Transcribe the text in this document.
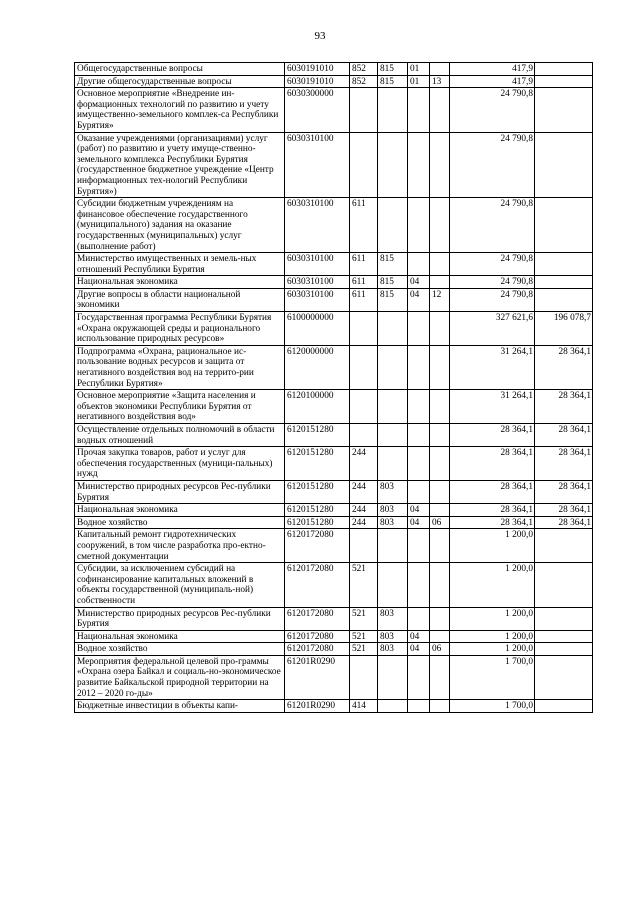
93
Общегосударственные вопросы	6030191010	852	815	01		417,9	
Другие общегосударственные вопросы	6030191010	852	815	01	13	417,9	
Основное мероприятие «Внедрение ин-формационных технологий по развитию и учету имущественно-земельного комплек-са Республики Бурятия»	6030300000					24 790,8	
Оказание учреждениями (организациями) услуг (работ) по развитию и учету имуще-ственно-земельного комплекса Республики Бурятия (государственное бюджетное учреждение «Центр информационных тех-нологий Республики Бурятия»)	6030310100					24 790,8	
Субсидии бюджетным учреждениям на финансовое обеспечение государственного (муниципального) задания на оказание государственных (муниципальных) услуг (выполнение работ)	6030310100	611				24 790,8	
Министерство имущественных и земель-ных отношений Республики Бурятия	6030310100	611	815			24 790,8	
Национальная экономика	6030310100	611	815	04		24 790,8	
Другие вопросы в области национальной экономики	6030310100	611	815	04	12	24 790,8	
Государственная программа Республики Бурятия «Охрана окружающей среды и рационального использование природных ресурсов»	6100000000					327 621,6	196 078,7
Подпрограмма «Охрана, рациональное ис-пользование водных ресурсов и защита от негативного воздействия вод на террито-рии Республики Бурятия»	6120000000					31 264,1	28 364,1
Основное мероприятие «Защита населения и объектов экономики Республики Бурятия от негативного воздействия вод»	6120100000					31 264,1	28 364,1
Осуществление отдельных полномочий в области водных отношений	6120151280					28 364,1	28 364,1
Прочая закупка товаров, работ и услуг для обеспечения государственных (муници-пальных) нужд	6120151280	244				28 364,1	28 364,1
Министерство природных ресурсов Рес-публики Бурятия	6120151280	244	803			28 364,1	28 364,1
Национальная экономика	6120151280	244	803	04		28 364,1	28 364,1
Водное хозяйство	6120151280	244	803	04	06	28 364,1	28 364,1
Капитальный ремонт гидротехнических сооружений, в том числе разработка про-ектно-сметной документации	6120172080					1 200,0	
Субсидии, за исключением субсидий на софинансирование капитальных вложений в объекты государственной (муниципаль-ной) собственности	6120172080	521				1 200,0	
Министерство природных ресурсов Рес-публики Бурятия	6120172080	521	803			1 200,0	
Национальная экономика	6120172080	521	803	04		1 200,0	
Водное хозяйство	6120172080	521	803	04	06	1 200,0	
Мероприятия федеральной целевой про-граммы «Охрана озера Байкал и социаль-но-экономическое развитие Байкальской природной территории на 2012 – 2020 го-ды»	61201R0290					1 700,0	
Бюджетные инвестиции в объекты капи-	61201R0290	414				1 700,0	
